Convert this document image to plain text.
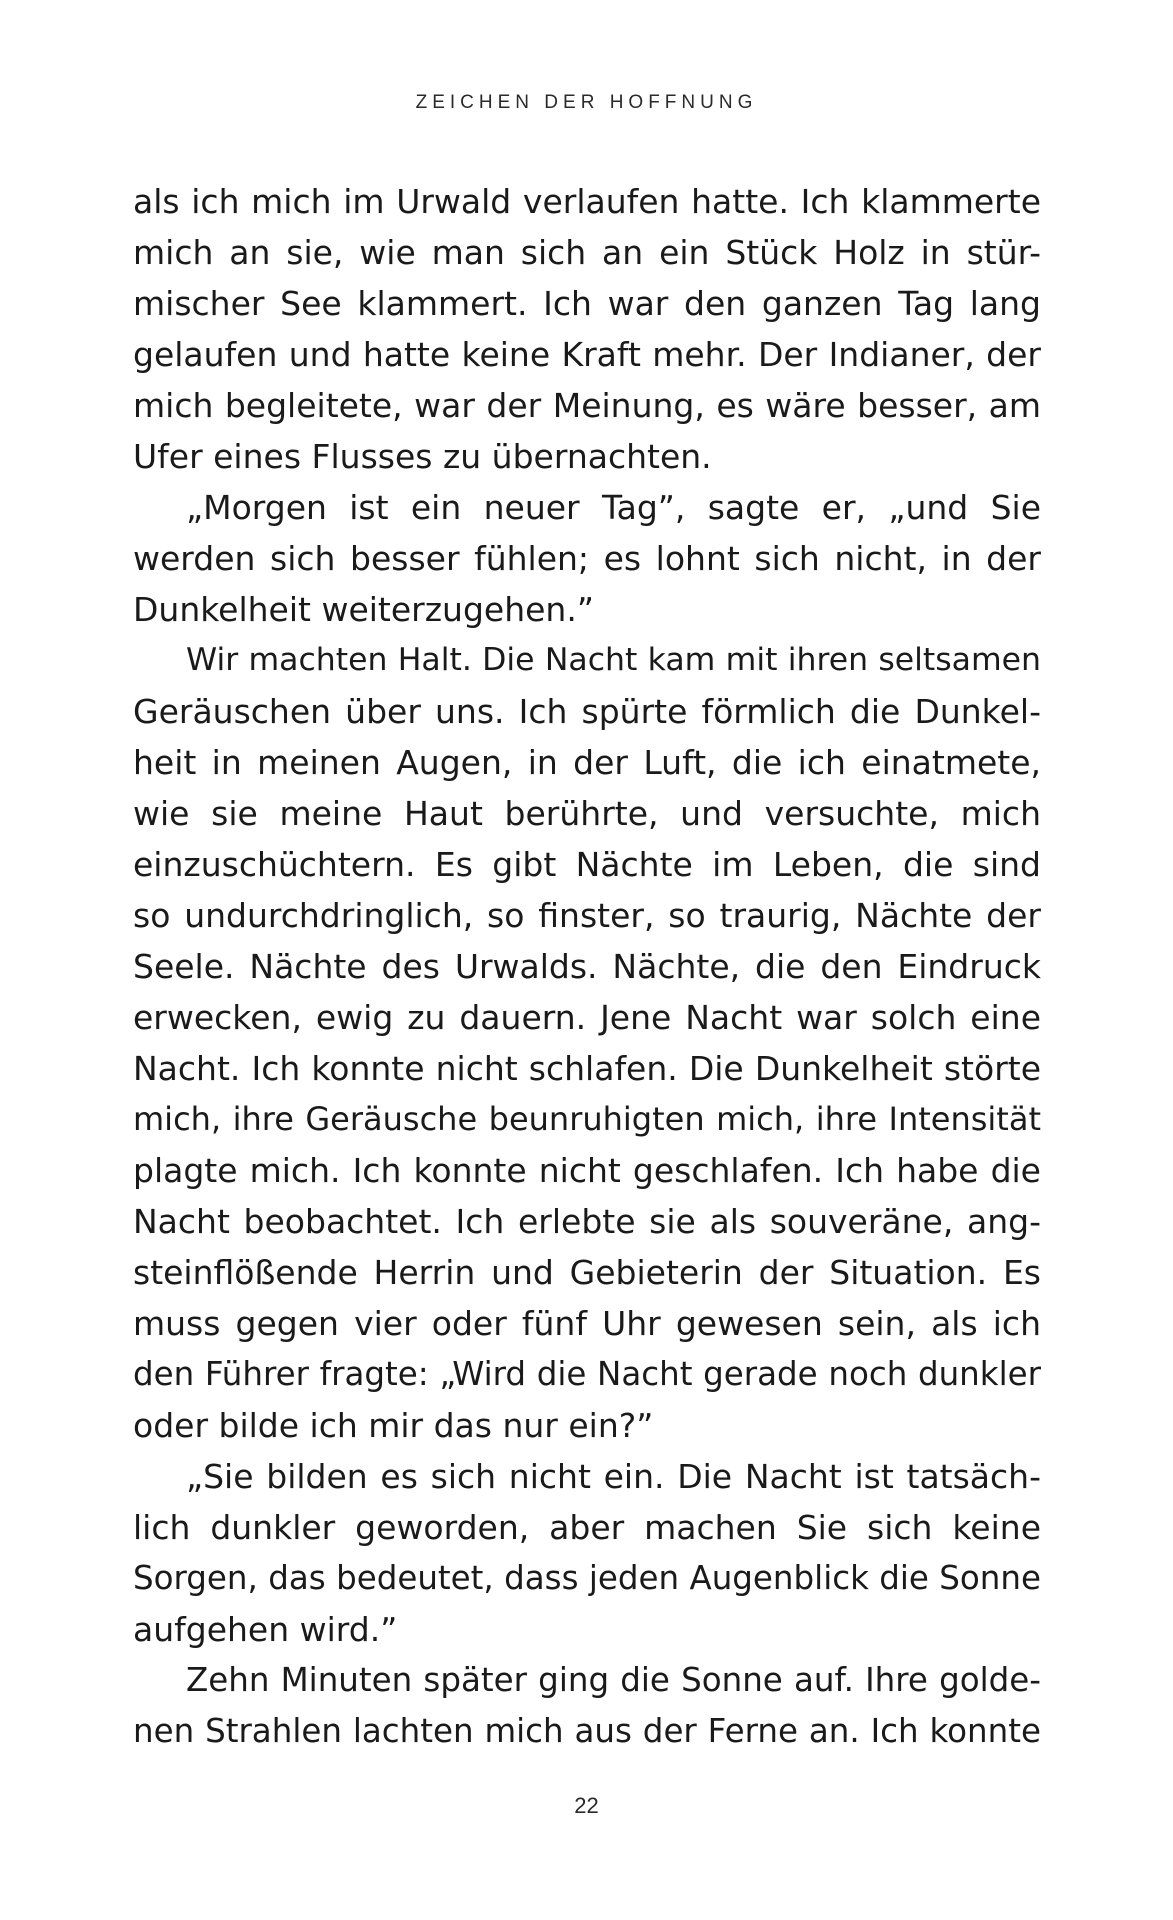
ZEICHEN DER HOFFNUNG
als ich mich im Urwald verlaufen hatte. Ich klammerte
mich an sie, wie man sich an ein Stück Holz in stür-
mischer See klammert. Ich war den ganzen Tag lang
gelaufen und hatte keine Kraft mehr. Der Indianer, der
mich begleitete, war der Meinung, es wäre besser, am
Ufer eines Flusses zu übernachten.
„Morgen ist ein neuer Tag”, sagte er, „und Sie
werden sich besser fühlen; es lohnt sich nicht, in der
Dunkelheit weiterzugehen.”
Wir machten Halt. Die Nacht kam mit ihren seltsamen
Geräuschen über uns. Ich spürte förmlich die Dunkel-
heit in meinen Augen, in der Luft, die ich einatmete,
wie sie meine Haut berührte, und versuchte, mich
einzuschüchtern. Es gibt Nächte im Leben, die sind
so undurchdringlich, so finster, so traurig, Nächte der
Seele. Nächte des Urwalds. Nächte, die den Eindruck
erwecken, ewig zu dauern. Jene Nacht war solch eine
Nacht. Ich konnte nicht schlafen. Die Dunkelheit störte
mich, ihre Geräusche beunruhigten mich, ihre Intensität
plagte mich. Ich konnte nicht geschlafen. Ich habe die
Nacht beobachtet. Ich erlebte sie als souveräne, ang-
steinflößende Herrin und Gebieterin der Situation. Es
muss gegen vier oder fünf Uhr gewesen sein, als ich
den Führer fragte: „Wird die Nacht gerade noch dunkler
oder bilde ich mir das nur ein?”
„Sie bilden es sich nicht ein. Die Nacht ist tatsäch-
lich dunkler geworden, aber machen Sie sich keine
Sorgen, das bedeutet, dass jeden Augenblick die Sonne
aufgehen wird.”
Zehn Minuten später ging die Sonne auf. Ihre golde-
nen Strahlen lachten mich aus der Ferne an. Ich konnte
22
